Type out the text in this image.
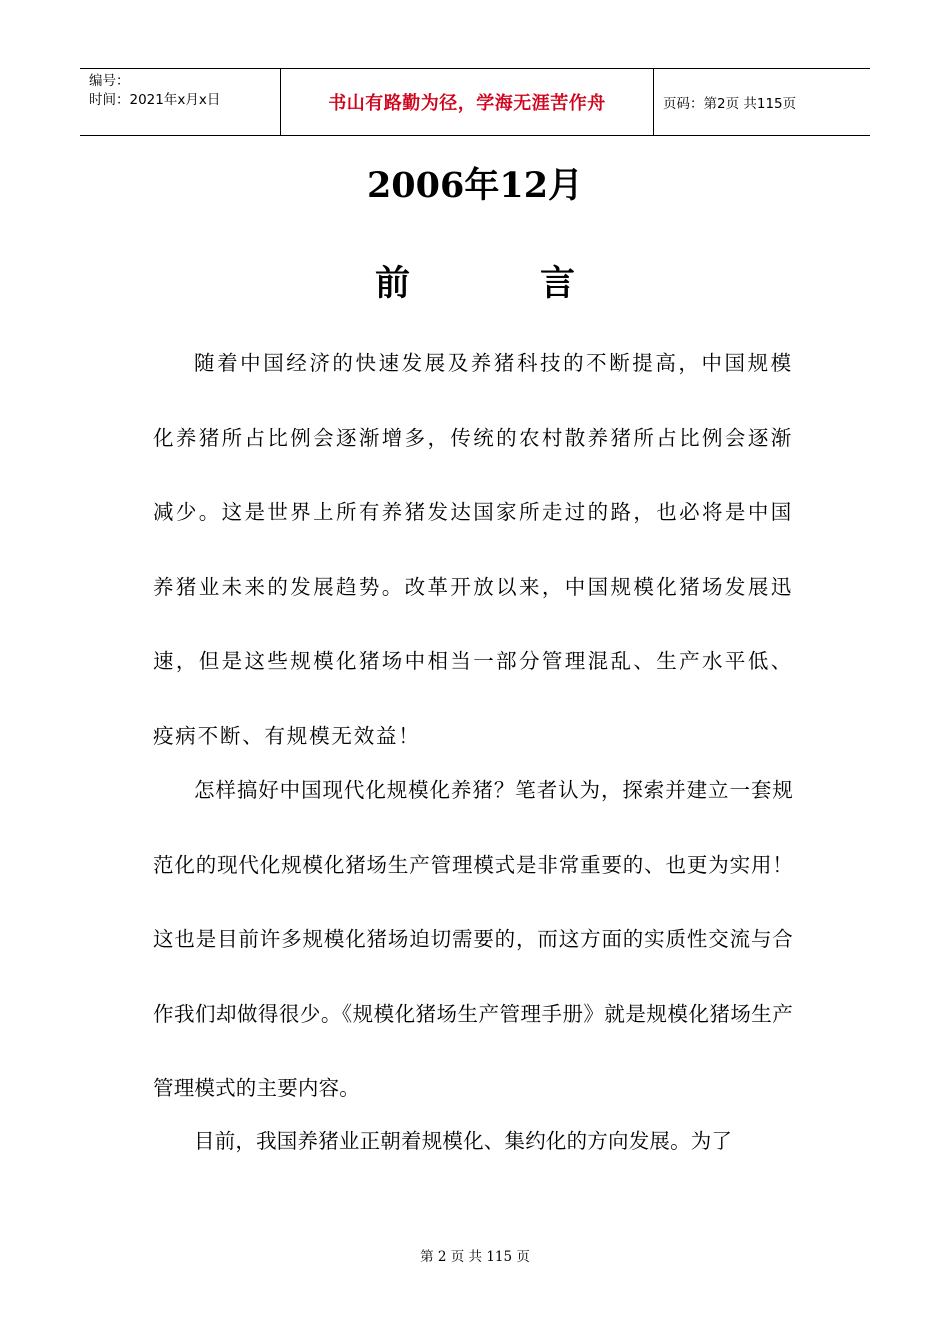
编号：
时间：2021年x月x日	书山有路勤为径，学海无涯苦作舟	页码：第2页 共115页
2006年12月
前	言

随着中国经济的快速发展及养猪科技的不断提高，中国规模化养猪所占比例会逐渐增多，传统的农村散养猪所占比例会逐渐减少。这是世界上所有养猪发达国家所走过的路，也必将是中国养猪业未来的发展趋势。改革开放以来，中国规模化猪场发展迅速，但是这些规模化猪场中相当一部分管理混乱、生产水平低、疫病不断、有规模无效益！

怎样搞好中国现代化规模化养猪？笔者认为，探索并建立一套规范化的现代化规模化猪场生产管理模式是非常重要的、也更为实用！这也是目前许多规模化猪场迫切需要的，而这方面的实质性交流与合作我们却做得很少。《规模化猪场生产管理手册》就是规模化猪场生产管理模式的主要内容。

目前，我国养猪业正朝着规模化、集约化的方向发展。为了

第 2 页 共 115 页
